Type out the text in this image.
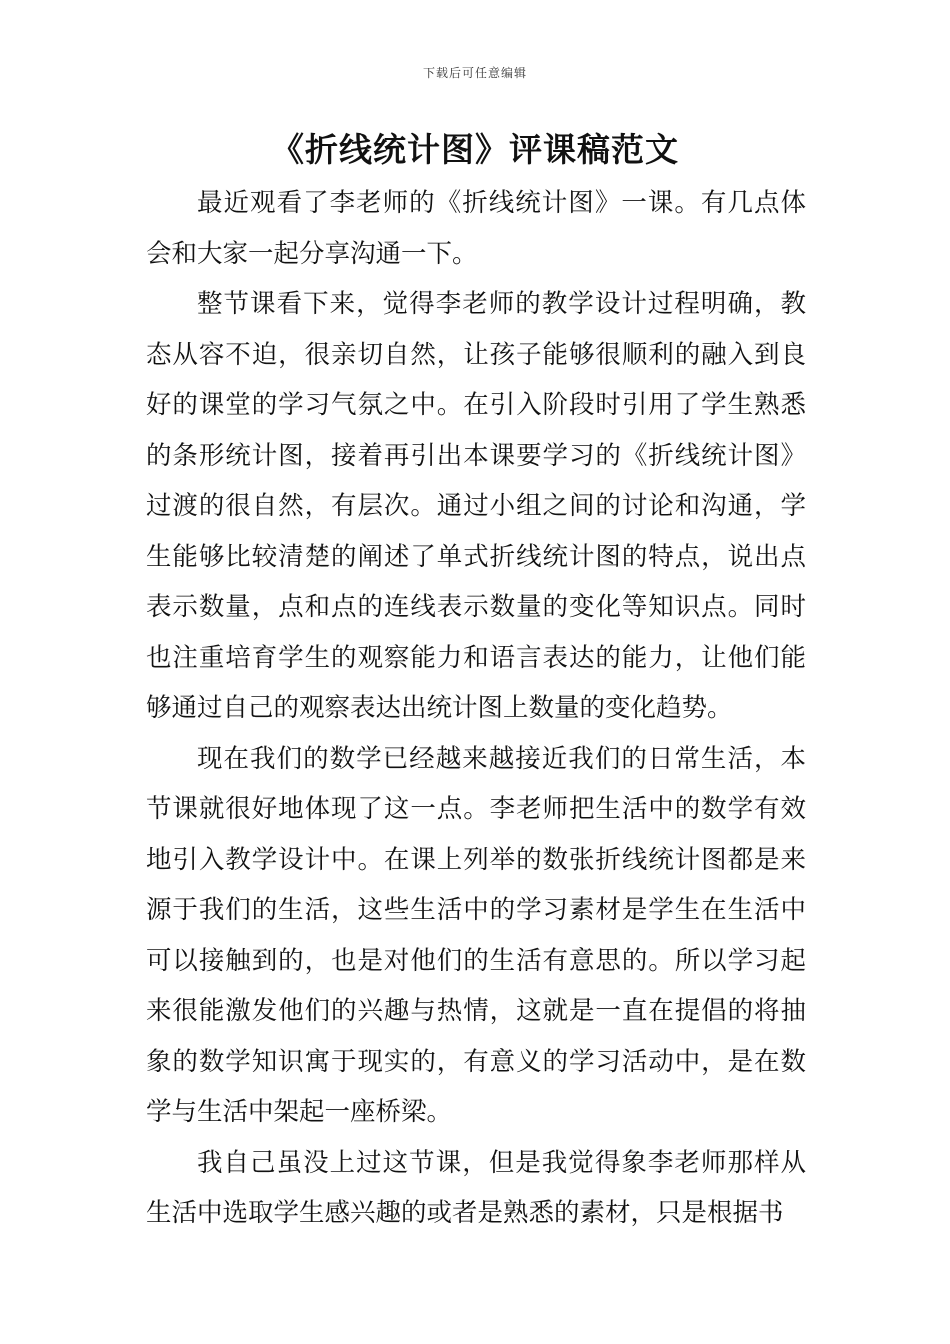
下载后可任意编辑
《折线统计图》评课稿范文

最近观看了李老师的《折线统计图》一课。有几点体会和大家一起分享沟通一下。

整节课看下来，觉得李老师的教学设计过程明确，教态从容不迫，很亲切自然，让孩子能够很顺利的融入到良好的课堂的学习气氛之中。在引入阶段时引用了学生熟悉的条形统计图，接着再引出本课要学习的《折线统计图》过渡的很自然，有层次。通过小组之间的讨论和沟通，学生能够比较清楚的阐述了单式折线统计图的特点，说出点表示数量，点和点的连线表示数量的变化等知识点。同时也注重培育学生的观察能力和语言表达的能力，让他们能够通过自己的观察表达出统计图上数量的变化趋势。

现在我们的数学已经越来越接近我们的日常生活，本节课就很好地体现了这一点。李老师把生活中的数学有效地引入教学设计中。在课上列举的数张折线统计图都是来源于我们的生活，这些生活中的学习素材是学生在生活中可以接触到的，也是对他们的生活有意思的。所以学习起来很能激发他们的兴趣与热情，这就是一直在提倡的将抽象的数学知识寓于现实的，有意义的学习活动中，是在数学与生活中架起一座桥梁。

我自己虽没上过这节课，但是我觉得象李老师那样从生活中选取学生感兴趣的或者是熟悉的素材，只是根据书
